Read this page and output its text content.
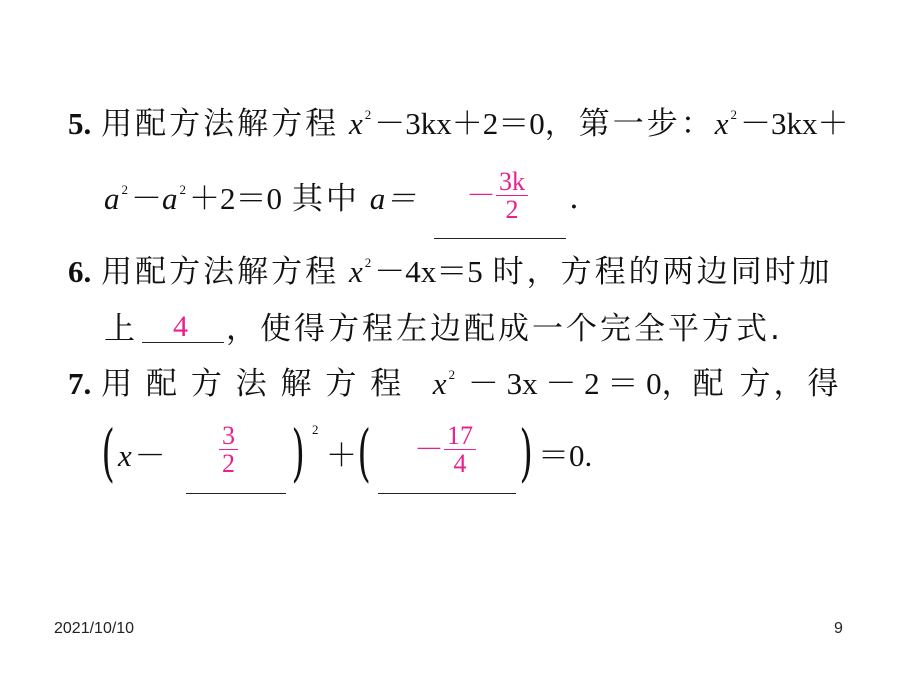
5. 用配方法解方程 x $^2$－3kx＋2＝0，第一步：x $^2$－3kx＋
a $^2$－a $^2$＋2＝0 其中 $a= - \frac{3k}{2}$ .
6. 用配方法解方程 x $^2$－4x＝5 时，方程的两边同时加
上 4 ，使得方程左边配成一个完全平方式.
7. 用 配 方 法 解 方 程 x $^2$ － 3x － 2 ＝ 0，配 方，得
( $x- \frac{3}{2}$ ) 2
＋ ( － $\frac{17}{4}$ ) ＝0.
2021/10/10	9
